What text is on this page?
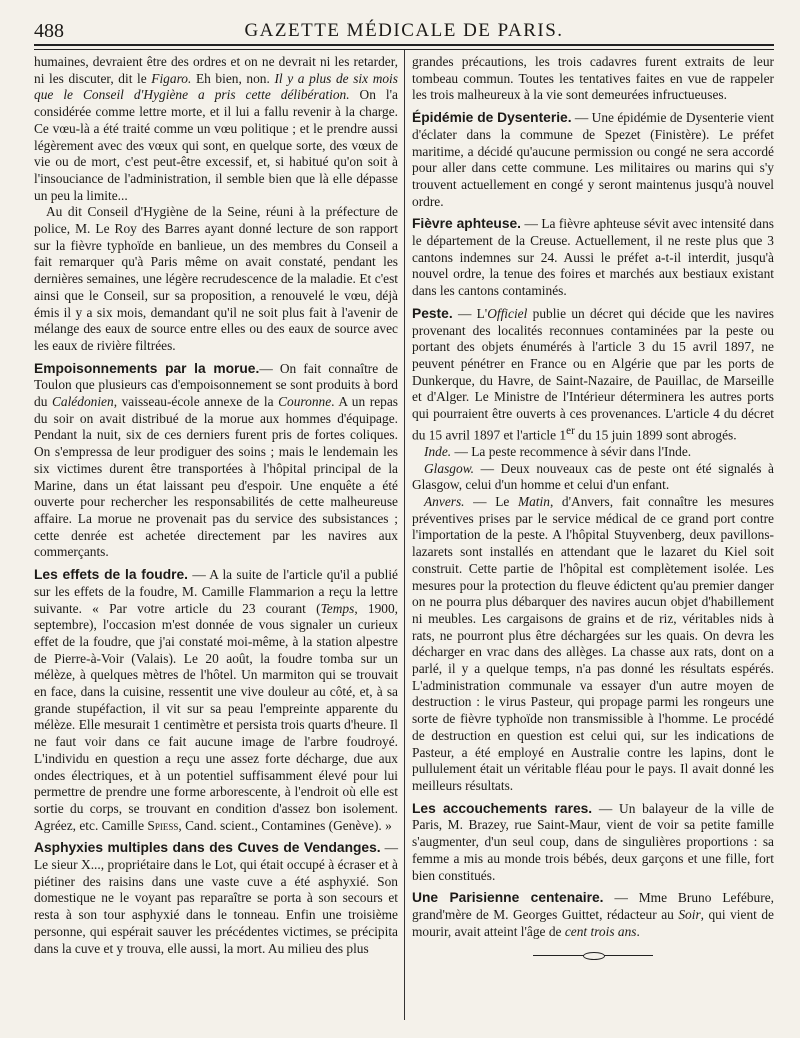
488	GAZETTE MÉDICALE DE PARIS.

humaines, devraient être des ordres et on ne devrait ni les retarder, ni les discuter, dit le Figaro. Eh bien, non. Il y a plus de six mois que le Conseil d'Hygiène a pris cette délibération. On l'a considérée comme lettre morte, et il lui a fallu revenir à la charge. Ce vœu-là a été traité comme un vœu politique ; et le prendre aussi légèrement avec des vœux qui sont, en quelque sorte, des vœux de vie ou de mort, c'est peut-être excessif, et, si habitué qu'on soit à l'insouciance de l'administration, il semble bien que là elle dépasse un peu la limite...

Au dit Conseil d'Hygiène de la Seine, réuni à la préfecture de police, M. Le Roy des Barres ayant donné lecture de son rapport sur la fièvre typhoïde en banlieue, un des membres du Conseil a fait remarquer qu'à Paris même on avait constaté, pendant les dernières semaines, une légère recrudescence de la maladie. Et c'est ainsi que le Conseil, sur sa proposition, a renouvelé le vœu, déjà émis il y a six mois, demandant qu'il ne soit plus fait à l'avenir de mélange des eaux de source entre elles ou des eaux de source avec les eaux de rivière filtrées.

Empoisonnements par la morue.— On fait connaître de Toulon que plusieurs cas d'empoisonnement se sont produits à bord du Calédonien, vaisseau-école annexe de la Couronne. A un repas du soir on avait distribué de la morue aux hommes d'équipage. Pendant la nuit, six de ces derniers furent pris de fortes coliques. On s'empressa de leur prodiguer des soins ; mais le lendemain les six victimes durent être transportées à l'hôpital principal de la Marine, dans un état laissant peu d'espoir. Une enquête a été ouverte pour rechercher les responsabilités de cette malheureuse affaire. La morue ne provenait pas du service des subsistances ; cette denrée est achetée directement par les navires aux commerçants.

Les effets de la foudre. — A la suite de l'article qu'il a publié sur les effets de la foudre, M. Camille Flammarion a reçu la lettre suivante. « Par votre article du 23 courant (Temps, 1900, septembre), l'occasion m'est donnée de vous signaler un curieux effet de la foudre, que j'ai constaté moi-même, à la station alpestre de Pierre-à-Voir (Valais). Le 20 août, la foudre tomba sur un mélèze, à quelques mètres de l'hôtel. Un marmiton qui se trouvait en face, dans la cuisine, ressentit une vive douleur au côté, et, à sa grande stupéfaction, il vit sur sa peau l'empreinte apparente du mélèze. Elle mesurait 1 centimètre et persista trois quarts d'heure. Il ne faut voir dans ce fait aucune image de l'arbre foudroyé. L'individu en question a reçu une assez forte décharge, due aux ondes électriques, et à un potentiel suffisamment élevé pour lui permettre de prendre une forme arborescente, à l'endroit où elle est sortie du corps, se trouvant en condition d'assez bon isolement. Agréez, etc. Camille Spiess, Cand. scient., Contamines (Genève). »

Asphyxies multiples dans des Cuves de Vendanges. — Le sieur X..., propriétaire dans le Lot, qui était occupé à écraser et à piétiner des raisins dans une vaste cuve a été asphyxié. Son domestique ne le voyant pas reparaître se porta à son secours et resta à son tour asphyxié dans le tonneau. Enfin une troisième personne, qui espérait sauver les précédentes victimes, se précipita dans la cuve et y trouva, elle aussi, la mort. Au milieu des plus

grandes précautions, les trois cadavres furent extraits de leur tombeau commun. Toutes les tentatives faites en vue de rappeler les trois malheureux à la vie sont demeurées infructueuses.

Épidémie de Dysenterie. — Une épidémie de Dysenterie vient d'éclater dans la commune de Spezet (Finistère). Le préfet maritime, a décidé qu'aucune permission ou congé ne sera accordé pour aller dans cette commune. Les militaires ou marins qui s'y trouvent actuellement en congé y seront maintenus jusqu'à nouvel ordre.

Fièvre aphteuse. — La fièvre aphteuse sévit avec intensité dans le département de la Creuse. Actuellement, il ne reste plus que 3 cantons indemnes sur 24. Aussi le préfet a-t-il interdit, jusqu'à nouvel ordre, la tenue des foires et marchés aux bestiaux existant dans les cantons contaminés.

Peste. — L'Officiel publie un décret qui décide que les navires provenant des localités reconnues contaminées par la peste ou portant des objets énumérés à l'article 3 du 15 avril 1897, ne peuvent pénétrer en France ou en Algérie que par les ports de Dunkerque, du Havre, de Saint-Nazaire, de Pauillac, de Marseille et d'Alger. Le Ministre de l'Intérieur déterminera les autres ports qui pourraient être ouverts à ces provenances. L'article 4 du décret du 15 avril 1897 et l'article 1er du 15 juin 1899 sont abrogés.

Inde. — La peste recommence à sévir dans l'Inde.

Glasgow. — Deux nouveaux cas de peste ont été signalés à Glasgow, celui d'un homme et celui d'un enfant.

Anvers. — Le Matin, d'Anvers, fait connaître les mesures préventives prises par le service médical de ce grand port contre l'importation de la peste. A l'hôpital Stuyvenberg, deux pavillons-lazarets sont installés en attendant que le lazaret du Kiel soit construit. Cette partie de l'hôpital est complètement isolée. Les mesures pour la protection du fleuve édictent qu'au premier danger on ne pourra plus débarquer des navires aucun objet d'habillement ni meubles. Les cargaisons de grains et de riz, véritables nids à rats, ne pourront plus être déchargées sur les quais. On devra les décharger en vrac dans des allèges. La chasse aux rats, dont on a parlé, il y a quelque temps, n'a pas donné les résultats espérés. L'administration communale va essayer d'un autre moyen de destruction : le virus Pasteur, qui propage parmi les rongeurs une sorte de fièvre typhoïde non transmissible à l'homme. Le procédé de destruction en question est celui qui, sur les indications de Pasteur, a été employé en Australie contre les lapins, dont le pullulement était un véritable fléau pour le pays. Il avait donné les meilleurs résultats.

Les accouchements rares. — Un balayeur de la ville de Paris, M. Brazey, rue Saint-Maur, vient de voir sa petite famille s'augmenter, d'un seul coup, dans de singulières proportions : sa femme a mis au monde trois bébés, deux garçons et une fille, fort bien constitués.

Une Parisienne centenaire. — Mme Bruno Lefébure, grand'mère de M. Georges Guittet, rédacteur au Soir, qui vient de mourir, avait atteint l'âge de cent trois ans.
